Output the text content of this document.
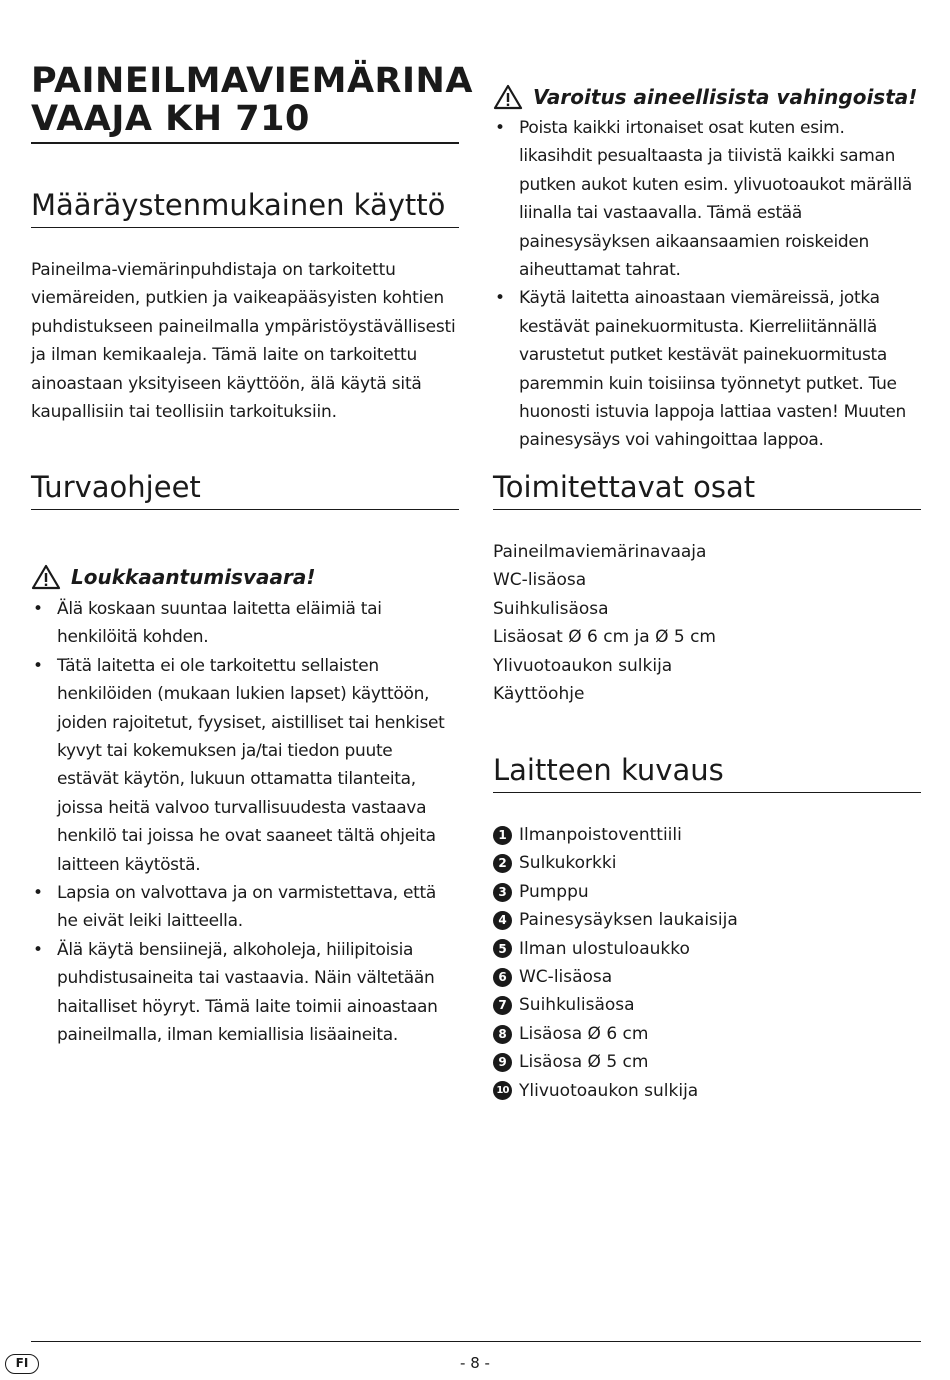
PAINEILMAVIEMÄRINA VAAJA KH 710
Määräystenmukainen käyttö

Paineilma-viemärinpuhdistaja on tarkoitettu viemäreiden, putkien ja vaikeapääsyisten kohtien puhdistukseen paineilmalla ympäristöystävällisesti ja ilman kemikaaleja. Tämä laite on tarkoitettu ainoastaan yksityiseen käyttöön, älä käytä sitä kaupallisiin tai teollisiin tarkoituksiin.

Turvaohjeet
Loukkaantumisvaara!
• Älä koskaan suuntaa laitetta eläimiä tai henkilöitä kohden.
• Tätä laitetta ei ole tarkoitettu sellaisten henkilöiden (mukaan lukien lapset) käyttöön, joiden rajoitetut, fyysiset, aistilliset tai henkiset kyvyt tai kokemuksen ja/tai tiedon puute estävät käytön, lukuun ottamatta tilanteita, joissa heitä valvoo turvallisuudesta vastaava henkilö tai joissa he ovat saaneet tältä ohjeita laitteen käytöstä.
• Lapsia on valvottava ja on varmistettava, että he eivät leiki laitteella.
• Älä käytä bensiinejä, alkoholeja, hiilipitoisia puhdistusaineita tai vastaavia. Näin vältetään haitalliset höyryt. Tämä laite toimii ainoastaan paineilmalla, ilman kemiallisia lisäaineita.
Varoitus aineellisista vahingoista!
• Poista kaikki irtonaiset osat kuten esim. likasihdit pesualtaasta ja tiivistä kaikki saman putken aukot kuten esim. ylivuotoaukot märällä liinalla tai vastaavalla. Tämä estää painesysäyksen aikaansaamien roiskeiden aiheuttamat tahrat.
• Käytä laitetta ainoastaan viemäreissä, jotka kestävät painekuormitusta. Kierreliitännällä varustetut putket kestävät painekuormitusta paremmin kuin toisiinsa työnnetyt putket. Tue huonosti istuvia lappoja lattiaa vasten! Muuten painesysäys voi vahingoittaa lappoa.
Toimitettavat osat
Paineilmaviemärinavaaja
WC-lisäosa
Suihkulisäosa
Lisäosat Ø 6 cm ja Ø 5 cm
Ylivuotoaukon sulkija
Käyttöohje
Laitteen kuvaus
1 Ilmanpoistoventtiili
2 Sulkukorkki
3 Pumppu
4 Painesysäyksen laukaisija
5 Ilman ulostuloaukko
6 WC-lisäosa
7 Suihkulisäosa
8 Lisäosa Ø 6 cm
9 Lisäosa Ø 5 cm
10 Ylivuotoaukon sulkija
FI	- 8 -
